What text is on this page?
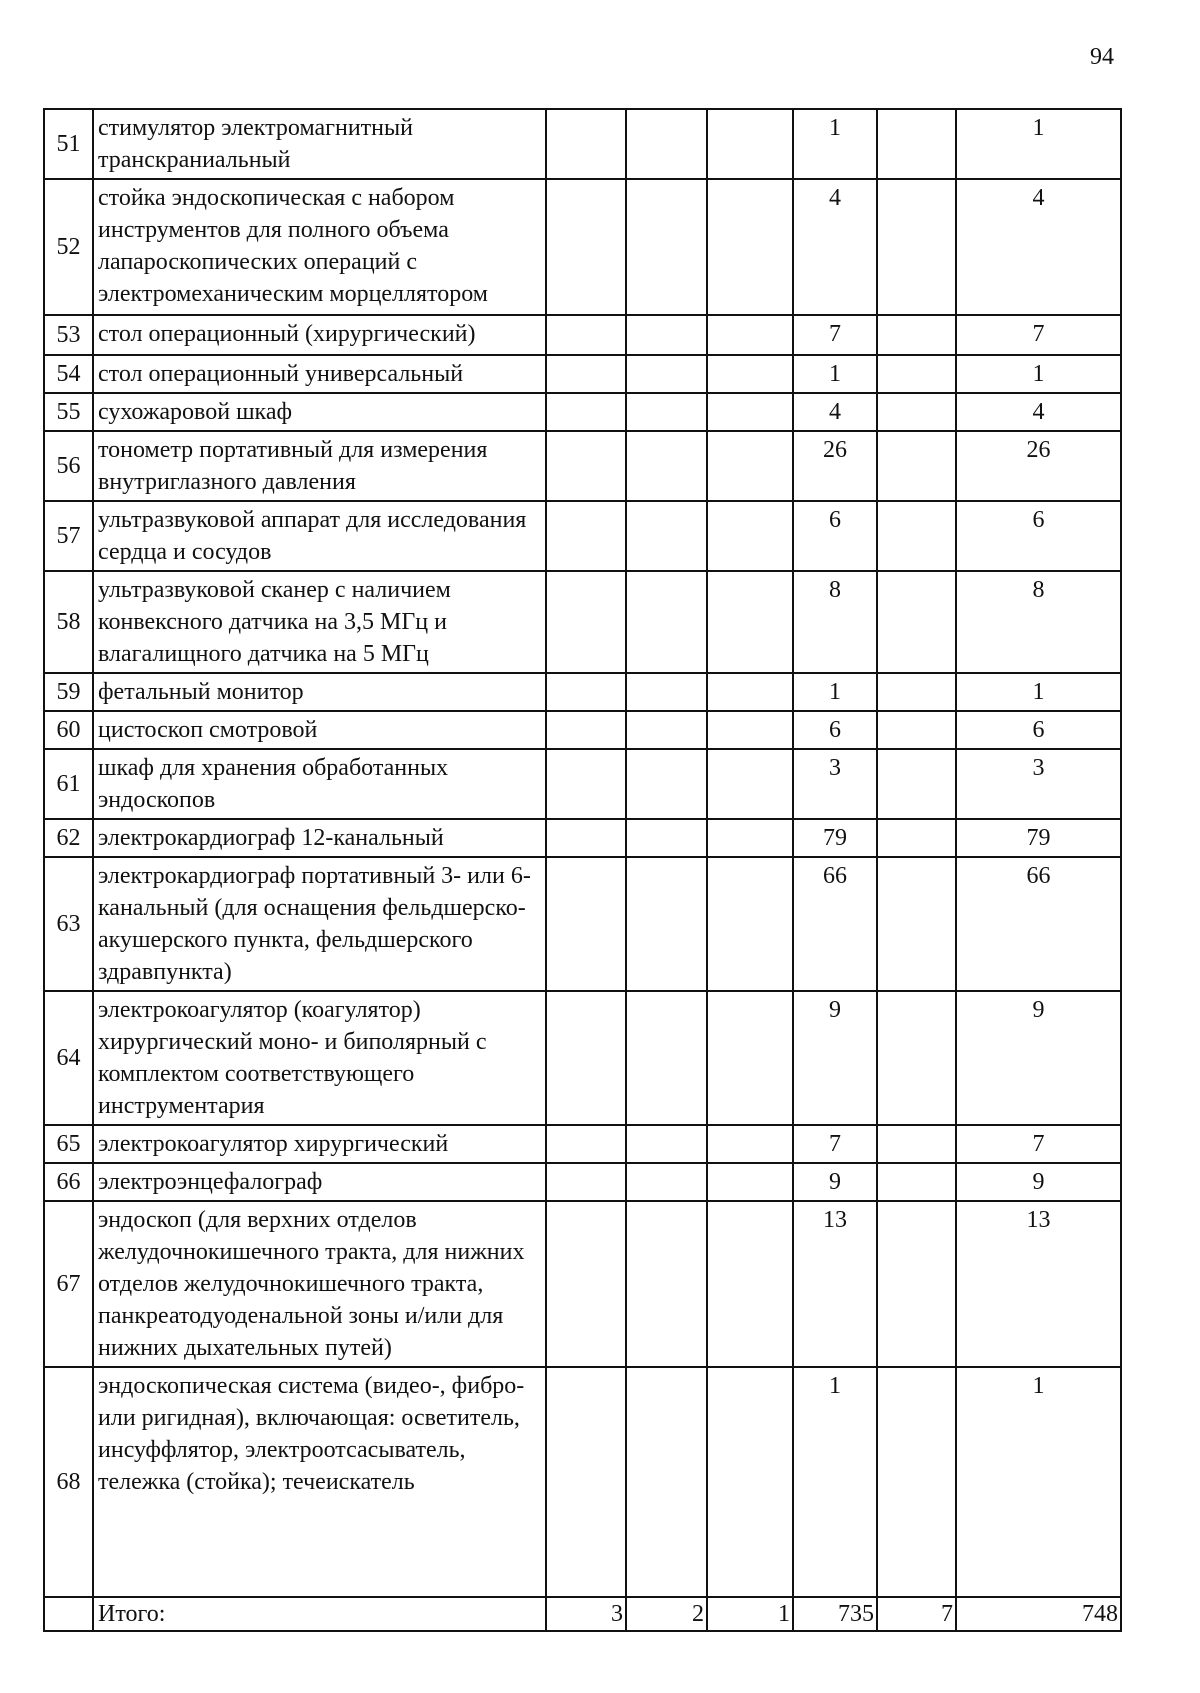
94
51	стимулятор электромагнитный транскраниальный				1		1
52	стойка эндоскопическая с набором инструментов для полного объема лапароскопических операций с электромеханическим морцеллятором				4		4
53	стол операционный (хирургический)				7		7
54	стол операционный универсальный				1		1
55	сухожаровой шкаф				4		4
56	тонометр портативный для измерения внутриглазного давления				26		26
57	ультразвуковой аппарат для исследования сердца и сосудов				6		6
58	ультразвуковой сканер с наличием конвексного датчика на 3,5 МГц и влагалищного датчика на 5 МГц				8		8
59	фетальный монитор				1		1
60	цистоскоп смотровой				6		6
61	шкаф для хранения обработанных эндоскопов				3		3
62	электрокардиограф 12-канальный				79		79
63	электрокардиограф портативный 3- или 6-канальный (для оснащения фельдшерско-акушерского пункта, фельдшерского здравпункта)				66		66
64	электрокоагулятор (коагулятор) хирургический моно- и биполярный с комплектом соответствующего инструментария				9		9
65	электрокоагулятор хирургический				7		7
66	электроэнцефалограф				9		9
67	эндоскоп (для верхних отделов желудочнокишечного тракта, для нижних отделов желудочнокишечного тракта, панкреатодуоденальной зоны и/или для нижних дыхательных путей)				13		13
68	эндоскопическая система (видео-, фибро- или ригидная), включающая: осветитель, инсуффлятор, электроотсасыватель, тележка (стойка); течеискатель				1		1
	Итого:	3	2	1	735	7	748
